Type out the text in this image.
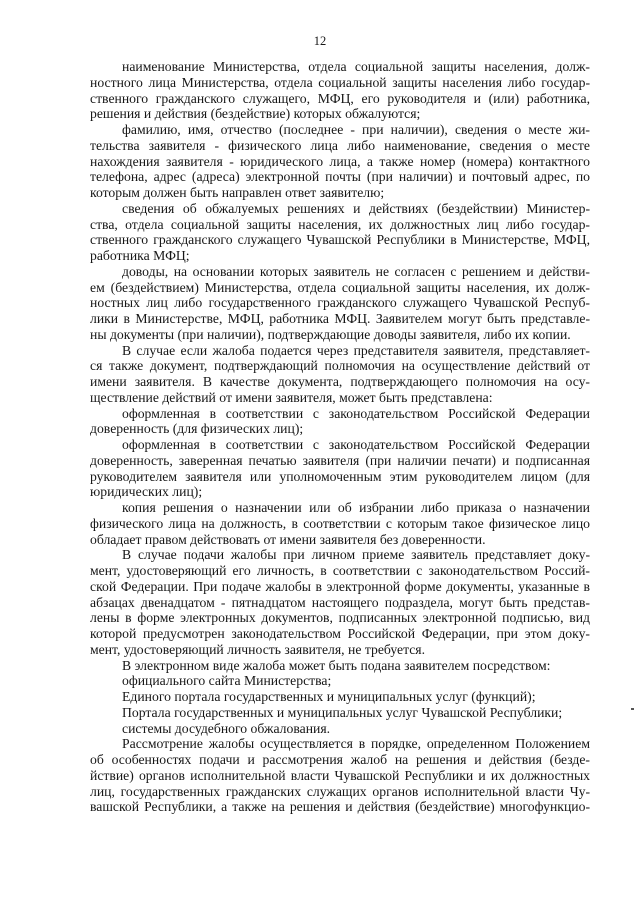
12
наименование Министерства, отдела социальной защиты населения, долж-
ностного лица Министерства, отдела социальной защиты населения либо государ-
ственного гражданского служащего, МФЦ, его руководителя и (или) работника,
решения и действия (бездействие) которых обжалуются;
фамилию, имя, отчество (последнее - при наличии), сведения о месте жи-
тельства заявителя - физического лица либо наименование, сведения о месте
нахождения заявителя - юридического лица, а также номер (номера) контактного
телефона, адрес (адреса) электронной почты (при наличии) и почтовый адрес, по
которым должен быть направлен ответ заявителю;
сведения об обжалуемых решениях и действиях (бездействии) Министер-
ства, отдела социальной защиты населения, их должностных лиц либо государ-
ственного гражданского служащего Чувашской Республики в Министерстве, МФЦ,
работника МФЦ;
доводы, на основании которых заявитель не согласен с решением и действи-
ем (бездействием) Министерства, отдела социальной защиты населения, их долж-
ностных лиц либо государственного гражданского служащего Чувашской Респуб-
лики в Министерстве, МФЦ, работника МФЦ. Заявителем могут быть представле-
ны документы (при наличии), подтверждающие доводы заявителя, либо их копии.
В случае если жалоба подается через представителя заявителя, представляет-
ся также документ, подтверждающий полномочия на осуществление действий от
имени заявителя. В качестве документа, подтверждающего полномочия на осу-
ществление действий от имени заявителя, может быть представлена:
оформленная в соответствии с законодательством Российской Федерации
доверенность (для физических лиц);
оформленная в соответствии с законодательством Российской Федерации
доверенность, заверенная печатью заявителя (при наличии печати) и подписанная
руководителем заявителя или уполномоченным этим руководителем лицом (для
юридических лиц);
копия решения о назначении или об избрании либо приказа о назначении
физического лица на должность, в соответствии с которым такое физическое лицо
обладает правом действовать от имени заявителя без доверенности.
В случае подачи жалобы при личном приеме заявитель представляет доку-
мент, удостоверяющий его личность, в соответствии с законодательством Россий-
ской Федерации. При подаче жалобы в электронной форме документы, указанные в
абзацах двенадцатом - пятнадцатом настоящего подраздела, могут быть представ-
лены в форме электронных документов, подписанных электронной подписью, вид
которой предусмотрен законодательством Российской Федерации, при этом доку-
мент, удостоверяющий личность заявителя, не требуется.
В электронном виде жалоба может быть подана заявителем посредством:
официального сайта Министерства;
Единого портала государственных и муниципальных услуг (функций);
Портала государственных и муниципальных услуг Чувашской Республики;
системы досудебного обжалования.
Рассмотрение жалобы осуществляется в порядке, определенном Положением
об особенностях подачи и рассмотрения жалоб на решения и действия (безде-
йствие) органов исполнительной власти Чувашской Республики и их должностных
лиц, государственных гражданских служащих органов исполнительной власти Чу-
вашской Республики, а также на решения и действия (бездействие) многофункцио-
